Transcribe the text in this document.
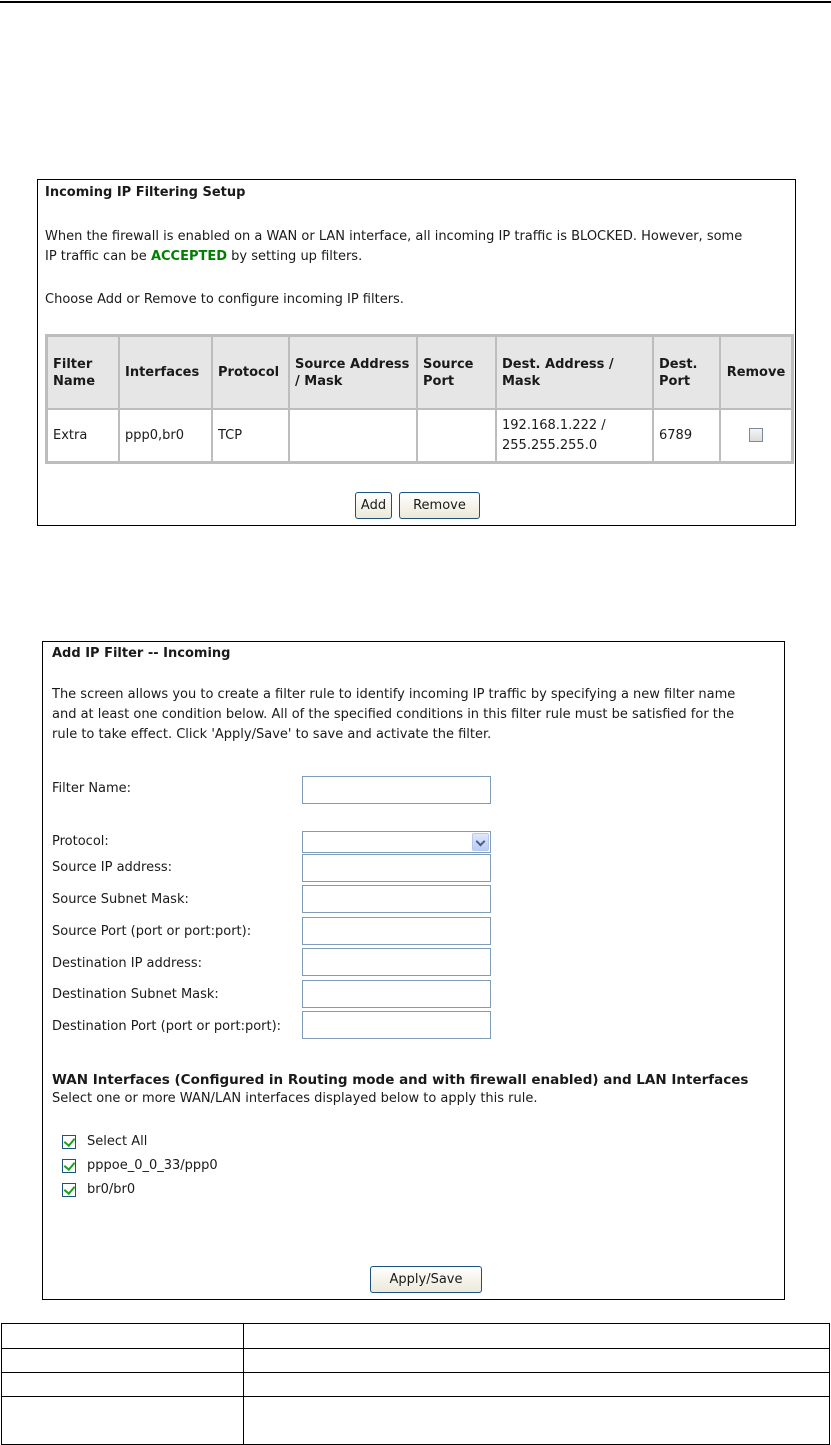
Incoming IP Filtering Setup
When the firewall is enabled on a WAN or LAN interface, all incoming IP traffic is BLOCKED. However, some
IP traffic can be ACCEPTED by setting up filters.
Choose Add or Remove to configure incoming IP filters.
Filter Name	Interfaces	Protocol	Source Address / Mask	Source Port	Dest. Address / Mask	Dest. Port	Remove
Extra	ppp0,br0	TCP			192.168.1.222 / 255.255.255.0	6789	
Add	Remove
Add IP Filter -- Incoming
The screen allows you to create a filter rule to identify incoming IP traffic by specifying a new filter name
and at least one condition below. All of the specified conditions in this filter rule must be satisfied for the
rule to take effect. Click 'Apply/Save' to save and activate the filter.
Filter Name:
Protocol:
Source IP address:
Source Subnet Mask:
Source Port (port or port:port):
Destination IP address:
Destination Subnet Mask:
Destination Port (port or port:port):
WAN Interfaces (Configured in Routing mode and with firewall enabled) and LAN Interfaces
Select one or more WAN/LAN interfaces displayed below to apply this rule.
Select All
pppoe_0_0_33/ppp0
br0/br0
Apply/Save
